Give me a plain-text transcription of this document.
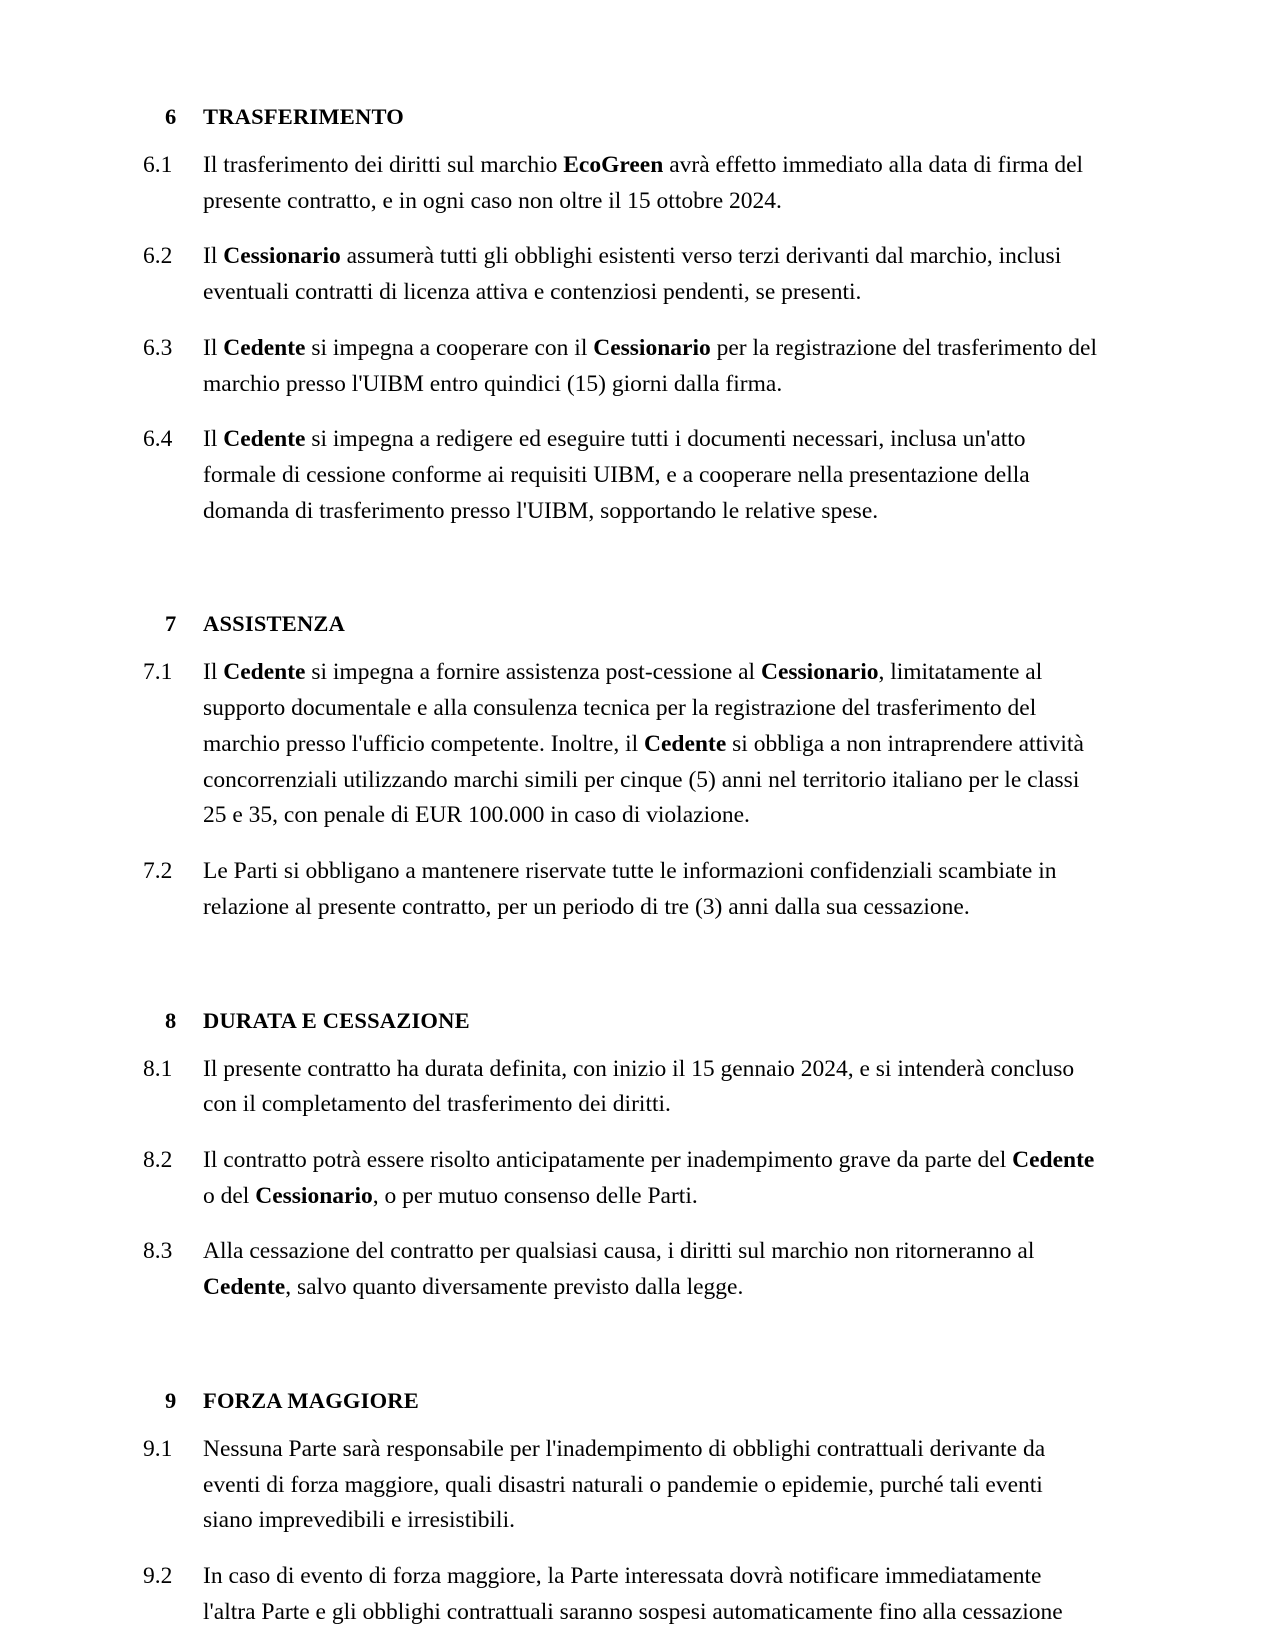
6	TRASFERIMENTO
6.1	Il trasferimento dei diritti sul marchio EcoGreen avrà effetto immediato alla data di firma del presente contratto, e in ogni caso non oltre il 15 ottobre 2024.
6.2	Il Cessionario assumerà tutti gli obblighi esistenti verso terzi derivanti dal marchio, inclusi eventuali contratti di licenza attiva e contenziosi pendenti, se presenti.
6.3	Il Cedente si impegna a cooperare con il Cessionario per la registrazione del trasferimento del marchio presso l'UIBM entro quindici (15) giorni dalla firma.
6.4	Il Cedente si impegna a redigere ed eseguire tutti i documenti necessari, inclusa un'atto formale di cessione conforme ai requisiti UIBM, e a cooperare nella presentazione della domanda di trasferimento presso l'UIBM, sopportando le relative spese.
7	ASSISTENZA
7.1	Il Cedente si impegna a fornire assistenza post-cessione al Cessionario, limitatamente al supporto documentale e alla consulenza tecnica per la registrazione del trasferimento del marchio presso l'ufficio competente. Inoltre, il Cedente si obbliga a non intraprendere attività concorrenziali utilizzando marchi simili per cinque (5) anni nel territorio italiano per le classi 25 e 35, con penale di EUR 100.000 in caso di violazione.
7.2	Le Parti si obbligano a mantenere riservate tutte le informazioni confidenziali scambiate in relazione al presente contratto, per un periodo di tre (3) anni dalla sua cessazione.
8	DURATA E CESSAZIONE
8.1	Il presente contratto ha durata definita, con inizio il 15 gennaio 2024, e si intenderà concluso con il completamento del trasferimento dei diritti.
8.2	Il contratto potrà essere risolto anticipatamente per inadempimento grave da parte del Cedente o del Cessionario, o per mutuo consenso delle Parti.
8.3	Alla cessazione del contratto per qualsiasi causa, i diritti sul marchio non ritorneranno al Cedente, salvo quanto diversamente previsto dalla legge.
9	FORZA MAGGIORE
9.1	Nessuna Parte sarà responsabile per l'inadempimento di obblighi contrattuali derivante da eventi di forza maggiore, quali disastri naturali o pandemie o epidemie, purché tali eventi siano imprevedibili e irresistibili.
9.2	In caso di evento di forza maggiore, la Parte interessata dovrà notificare immediatamente l'altra Parte e gli obblighi contrattuali saranno sospesi automaticamente fino alla cessazione
